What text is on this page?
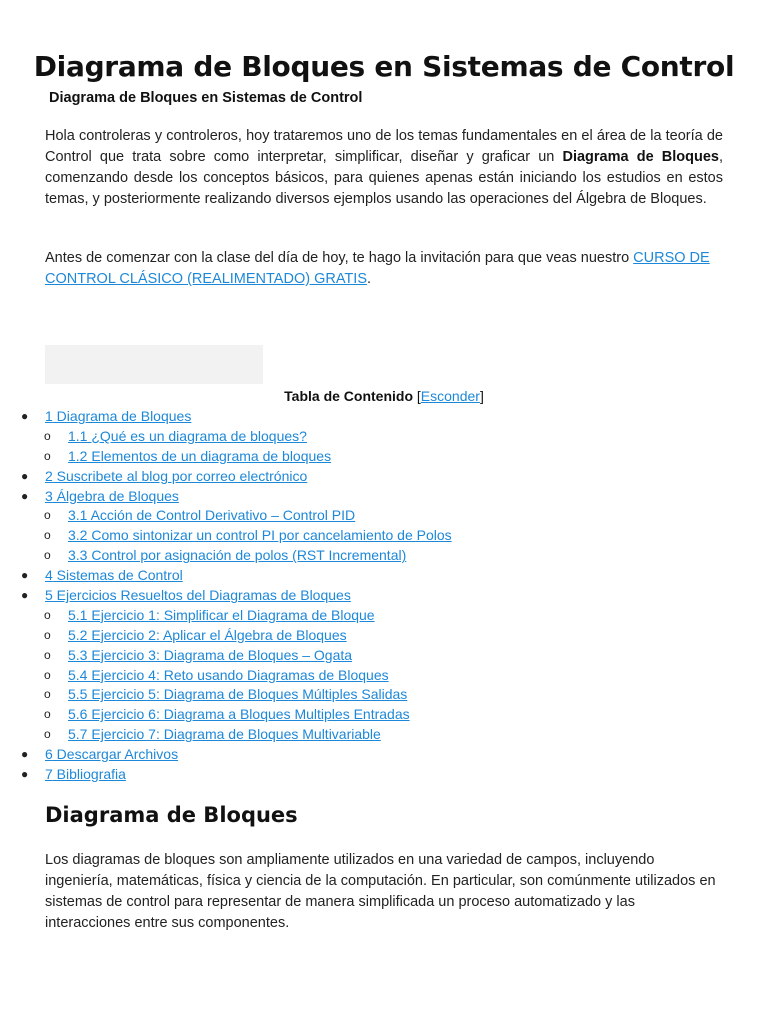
Diagrama de Bloques en Sistemas de Control

Diagrama de Bloques en Sistemas de Control

Hola controleras y controleros, hoy trataremos uno de los temas fundamentales en el área de la teoría de Control que trata sobre como interpretar, simplificar, diseñar y graficar un Diagrama de Bloques, comenzando desde los conceptos básicos, para quienes apenas están iniciando los estudios en estos temas, y posteriormente realizando diversos ejemplos usando las operaciones del Álgebra de Bloques.

Antes de comenzar con la clase del día de hoy, te hago la invitación para que veas nuestro CURSO DE CONTROL CLÁSICO (REALIMENTADO) GRATIS.

Tabla de Contenido [Esconder]
● 1 Diagrama de Bloques
o 1.1 ¿Qué es un diagrama de bloques?
o 1.2 Elementos de un diagrama de bloques
● 2 Suscribete al blog por correo electrónico
● 3 Álgebra de Bloques
o 3.1 Acción de Control Derivativo – Control PID
o 3.2 Como sintonizar un control PI por cancelamiento de Polos
o 3.3 Control por asignación de polos (RST Incremental)
● 4 Sistemas de Control
● 5 Ejercicios Resueltos del Diagramas de Bloques
o 5.1 Ejercicio 1: Simplificar el Diagrama de Bloque
o 5.2 Ejercicio 2: Aplicar el Álgebra de Bloques
o 5.3 Ejercicio 3: Diagrama de Bloques – Ogata
o 5.4 Ejercicio 4: Reto usando Diagramas de Bloques
o 5.5 Ejercicio 5: Diagrama de Bloques Múltiples Salidas
o 5.6 Ejercicio 6: Diagrama a Bloques Multiples Entradas
o 5.7 Ejercicio 7: Diagrama de Bloques Multivariable
● 6 Descargar Archivos
● 7 Bibliografia
Diagrama de Bloques

Los diagramas de bloques son ampliamente utilizados en una variedad de campos, incluyendo ingeniería, matemáticas, física y ciencia de la computación. En particular, son comúnmente utilizados en sistemas de control para representar de manera simplificada un proceso automatizado y las interacciones entre sus componentes.
